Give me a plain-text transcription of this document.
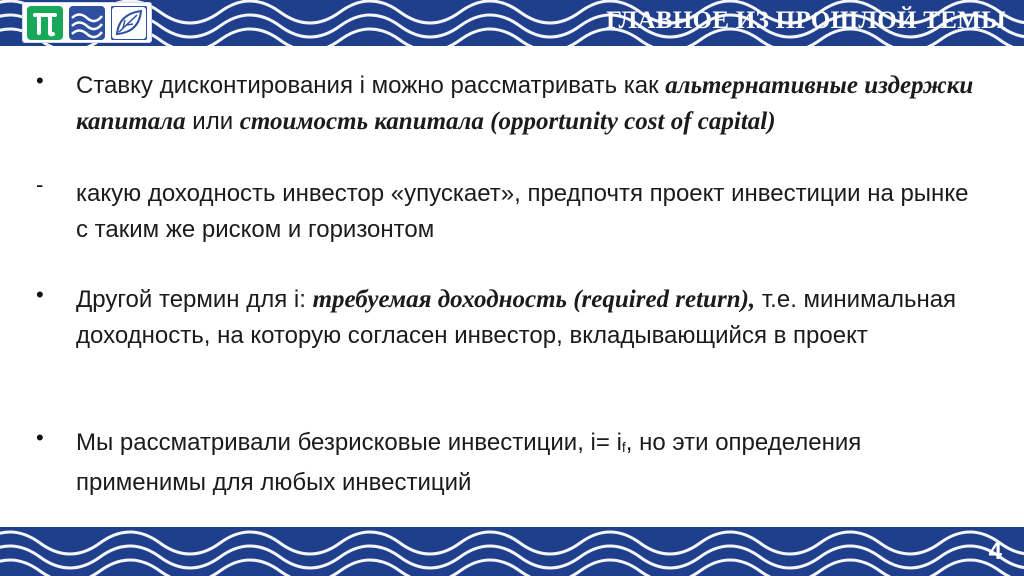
ГЛАВНОЕ ИЗ ПРОШЛОЙ ТЕМЫ
• Ставку дисконтирования i можно рассматривать как альтернативные издержки капитала или стоимость капитала (opportunity cost of capital)
- какую доходность инвестор «упускает», предпочтя проект инвестиции на рынке с таким же риском и горизонтом
• Другой термин для i: требуемая доходность (required return), т.е. минимальная доходность, на которую согласен инвестор, вкладывающийся в проект
• Мы рассматривали безрисковые инвестиции, i= if, но эти определения применимы для любых инвестиций
4
